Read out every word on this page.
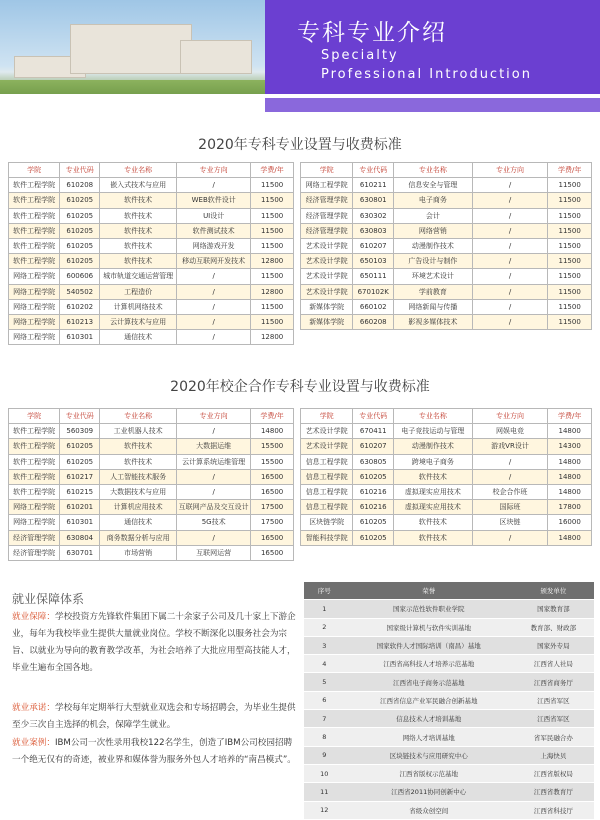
专科专业介绍
Specialty
Professional Introduction
2020年专科专业设置与收费标准
学院	专业代码	专业名称	专业方向	学费/年
软件工程学院	610208	嵌入式技术与应用	/	11500
软件工程学院	610205	软件技术	WEB软件设计	11500
软件工程学院	610205	软件技术	UI设计	11500
软件工程学院	610205	软件技术	软件测试技术	11500
软件工程学院	610205	软件技术	网络游戏开发	11500
软件工程学院	610205	软件技术	移动互联网开发技术	12800
网络工程学院	600606	城市轨道交通运营管理	/	11500
网络工程学院	540502	工程造价	/	12800
网络工程学院	610202	计算机网络技术	/	11500
网络工程学院	610213	云计算技术与应用	/	11500
网络工程学院	610301	通信技术	/	12800
学院	专业代码	专业名称	专业方向	学费/年
网络工程学院	610211	信息安全与管理	/	11500
经济管理学院	630801	电子商务	/	11500
经济管理学院	630302	会计	/	11500
经济管理学院	630803	网络营销	/	11500
艺术设计学院	610207	动漫制作技术	/	11500
艺术设计学院	650103	广告设计与制作	/	11500
艺术设计学院	650111	环境艺术设计	/	11500
艺术设计学院	670102K	学前教育	/	11500
新媒体学院	660102	网络新闻与传播	/	11500
新媒体学院	660208	影视多媒体技术	/	11500
2020年校企合作专科专业设置与收费标准
学院	专业代码	专业名称	专业方向	学费/年
软件工程学院	560309	工业机器人技术	/	14800
软件工程学院	610205	软件技术	大数据运维	15500
软件工程学院	610205	软件技术	云计算系统运维管理	15500
软件工程学院	610217	人工智能技术服务	/	16500
软件工程学院	610215	大数据技术与应用	/	16500
网络工程学院	610201	计算机应用技术	互联网产品及交互设计	17500
网络工程学院	610301	通信技术	5G技术	17500
经济管理学院	630804	商务数据分析与应用	/	16500
经济管理学院	630701	市场营销	互联网运营	16500
学院	专业代码	专业名称	专业方向	学费/年
艺术设计学院	670411	电子竞技运动与管理	网娱电竞	14800
艺术设计学院	610207	动漫制作技术	游戏VR设计	14300
信息工程学院	630805	跨境电子商务	/	14800
信息工程学院	610205	软件技术	/	14800
信息工程学院	610216	虚拟现实应用技术	校企合作班	14800
信息工程学院	610216	虚拟现实应用技术	国际班	17800
区块链学院	610205	软件技术	区块链	16000
智能科技学院	610205	软件技术	/	14800
就业保障体系
就业保障：学校投资方先锋软件集团下属二十余家子公司及几十家上下游企业，每年为我校毕业生提供大量就业岗位。学校不断深化以服务社会为宗旨、以就业为导向的教育教学改革，为社会培养了大批应用型高技能人才，毕业生遍布全国各地。
就业承诺：学校每年定期举行大型就业双选会和专场招聘会，为毕业生提供至少三次自主选择的机会，保障学生就业。
就业案例：IBM公司一次性录用我校122名学生，创造了IBM公司校园招聘一个绝无仅有的奇迹，被业界和媒体誉为服务外包人才培养的“南昌模式”。
序号	荣誉	颁发单位
1	国家示范性软件职业学院	国家教育部
2	国家级计算机与软件实训基地	教育部、财政部
3	国家软件人才国际培训（南昌）基地	国家外专局
4	江西省高科技人才培养示范基地	江西省人社局
5	江西省电子商务示范基地	江西省商务厅
6	江西省信息产业军民融合创新基地	江西省军区
7	信息技术人才培训基地	江西省军区
8	网络人才培训基地	省军民融合办
9	区块链技术与应用研究中心	上海快贝
10	江西省版权示范基地	江西省版权局
11	江西省2011协同创新中心	江西省教育厅
12	省级众创空间	江西省科技厅
